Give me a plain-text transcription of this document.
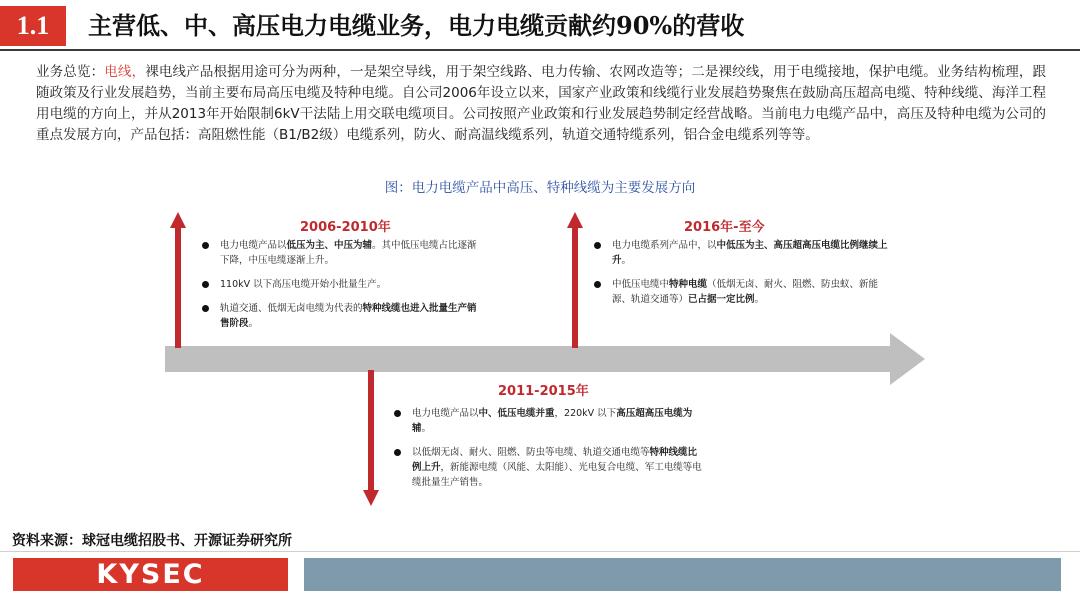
1.1	主营低、中、高压电力电缆业务，电力电缆贡献约90%的营收
业务总览：电线，裸电线产品根据用途可分为两种，一是架空导线，用于架空线路、电力传输、农网改造等；二是裸绞线，用于电缆接地，保护电缆。业务结构梳理，跟随政策及行业发展趋势，当前主要布局高压电缆及特种电缆。自公司2006年设立以来，国家产业政策和线缆行业发展趋势聚焦在鼓励高压超高电缆、特种线缆、海洋工程用电缆的方向上，并从2013年开始限制6kV干法陆上用交联电缆项目。公司按照产业政策和行业发展趋势制定经营战略。当前电力电缆产品中，高压及特种电缆为公司的重点发展方向，产品包括：高阻燃性能（B1/B2级）电缆系列，防火、耐高温线缆系列，轨道交通特缆系列，铝合金电缆系列等等。
图：电力电缆产品中高压、特种线缆为主要发展方向
2006-2010年
电力电缆产品以低压为主、中压为辅。其中低压电缆占比逐渐下降，中压电缆逐渐上升。
110kV 以下高压电缆开始小批量生产。
轨道交通、低烟无卤电缆为代表的特种线缆也进入批量生产销售阶段。
2011-2015年
电力电缆产品以中、低压电缆并重，220kV 以下高压超高压电缆为辅。
以低烟无卤、耐火、阻燃、防虫等电缆、轨道交通电缆等特种线缆比例上升，新能源电缆（风能、太阳能）、光电复合电缆、军工电缆等电缆批量生产销售。
2016年-至今
电力电缆系列产品中，以中低压为主、高压超高压电缆比例继续上升。
中低压电缆中特种电缆（低烟无卤、耐火、阻燃、防虫蚁、新能源、轨道交通等）已占据一定比例。
资料来源：球冠电缆招股书、开源证券研究所
KYSEC
